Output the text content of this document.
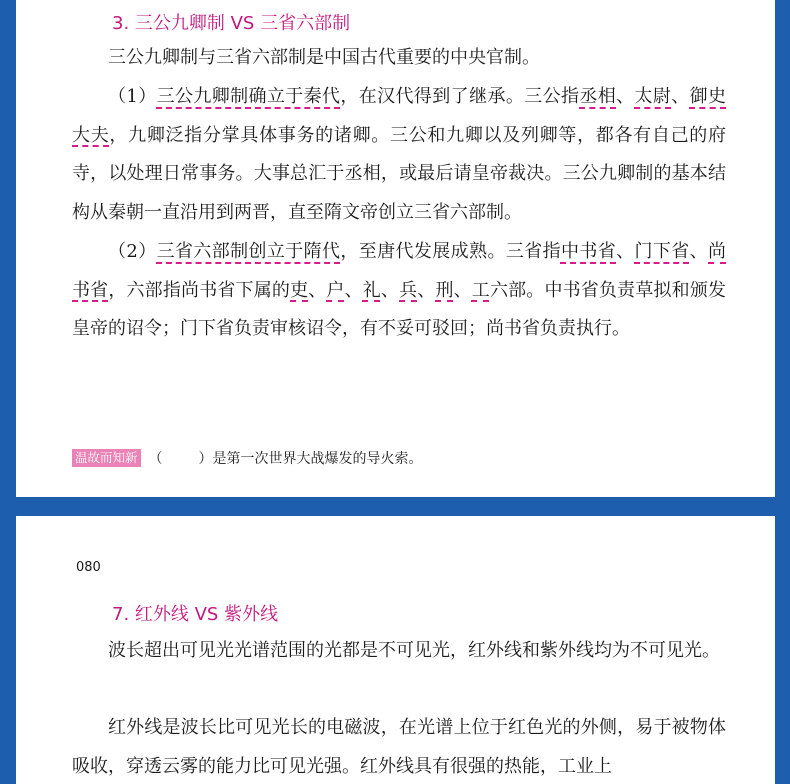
3. 三公九卿制 VS 三省六部制

三公九卿制与三省六部制是中国古代重要的中央官制。

（1）三公九卿制确立于秦代，在汉代得到了继承。三公指丞相、太尉、御史大夫，九卿泛指分掌具体事务的诸卿。三公和九卿以及列卿等，都各有自己的府寺，以处理日常事务。大事总汇于丞相，或最后请皇帝裁决。三公九卿制的基本结构从秦朝一直沿用到两晋，直至隋文帝创立三省六部制。

（2）三省六部制创立于隋代，至唐代发展成熟。三省指中书省、门下省、尚书省，六部指尚书省下属的吏、户、礼、兵、刑、工六部。中书省负责草拟和颁发皇帝的诏令；门下省负责审核诏令，有不妥可驳回；尚书省负责执行。

温故而知新 （	） 是第一次世界大战爆发的导火索。
080
7. 红外线 VS 紫外线

波长超出可见光光谱范围的光都是不可见光，红外线和紫外线均为不可见光。

红外线是波长比可见光长的电磁波，在光谱上位于红色光的外侧，易于被物体吸收，穿透云雾的能力比可见光强。红外线具有很强的热能，工业上
